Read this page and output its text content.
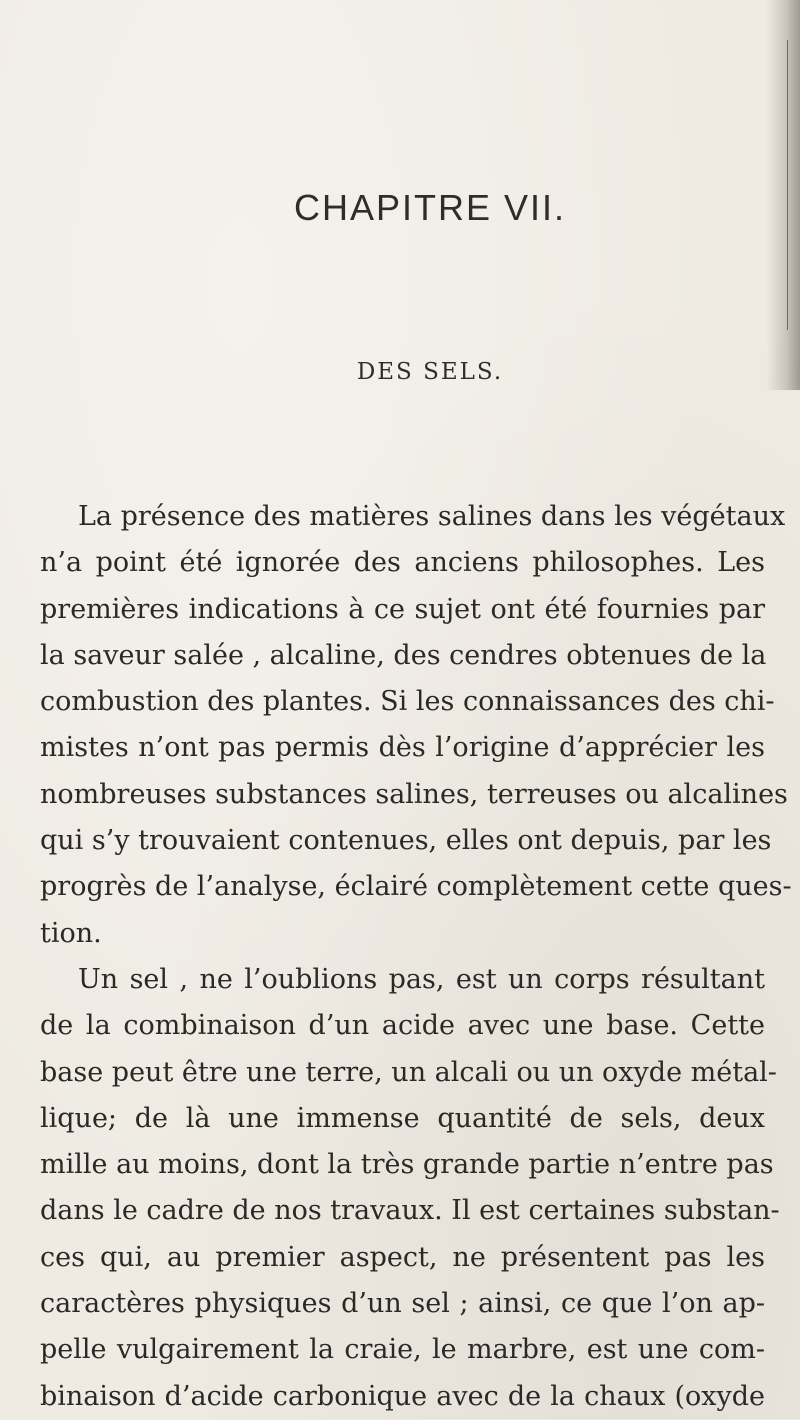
CHAPITRE VII.
DES SELS.
La présence des matières salines dans les végétaux
n’a point été ignorée des anciens philosophes. Les
premières indications à ce sujet ont été fournies par
la saveur salée , alcaline, des cendres obtenues de la
combustion des plantes. Si les connaissances des chi-
mistes n’ont pas permis dès l’origine d’apprécier les
nombreuses substances salines, terreuses ou alcalines
qui s’y trouvaient contenues, elles ont depuis, par les
progrès de l’analyse, éclairé complètement cette ques-
tion.
Un sel , ne l’oublions pas, est un corps résultant
de la combinaison d’un acide avec une base. Cette
base peut être une terre, un alcali ou un oxyde métal-
lique; de là une immense quantité de sels, deux
mille au moins, dont la très grande partie n’entre pas
dans le cadre de nos travaux. Il est certaines substan-
ces qui, au premier aspect, ne présentent pas les
caractères physiques d’un sel ; ainsi, ce que l’on ap-
pelle vulgairement la craie, le marbre, est une com-
binaison d’acide carbonique avec de la chaux (oxyde
